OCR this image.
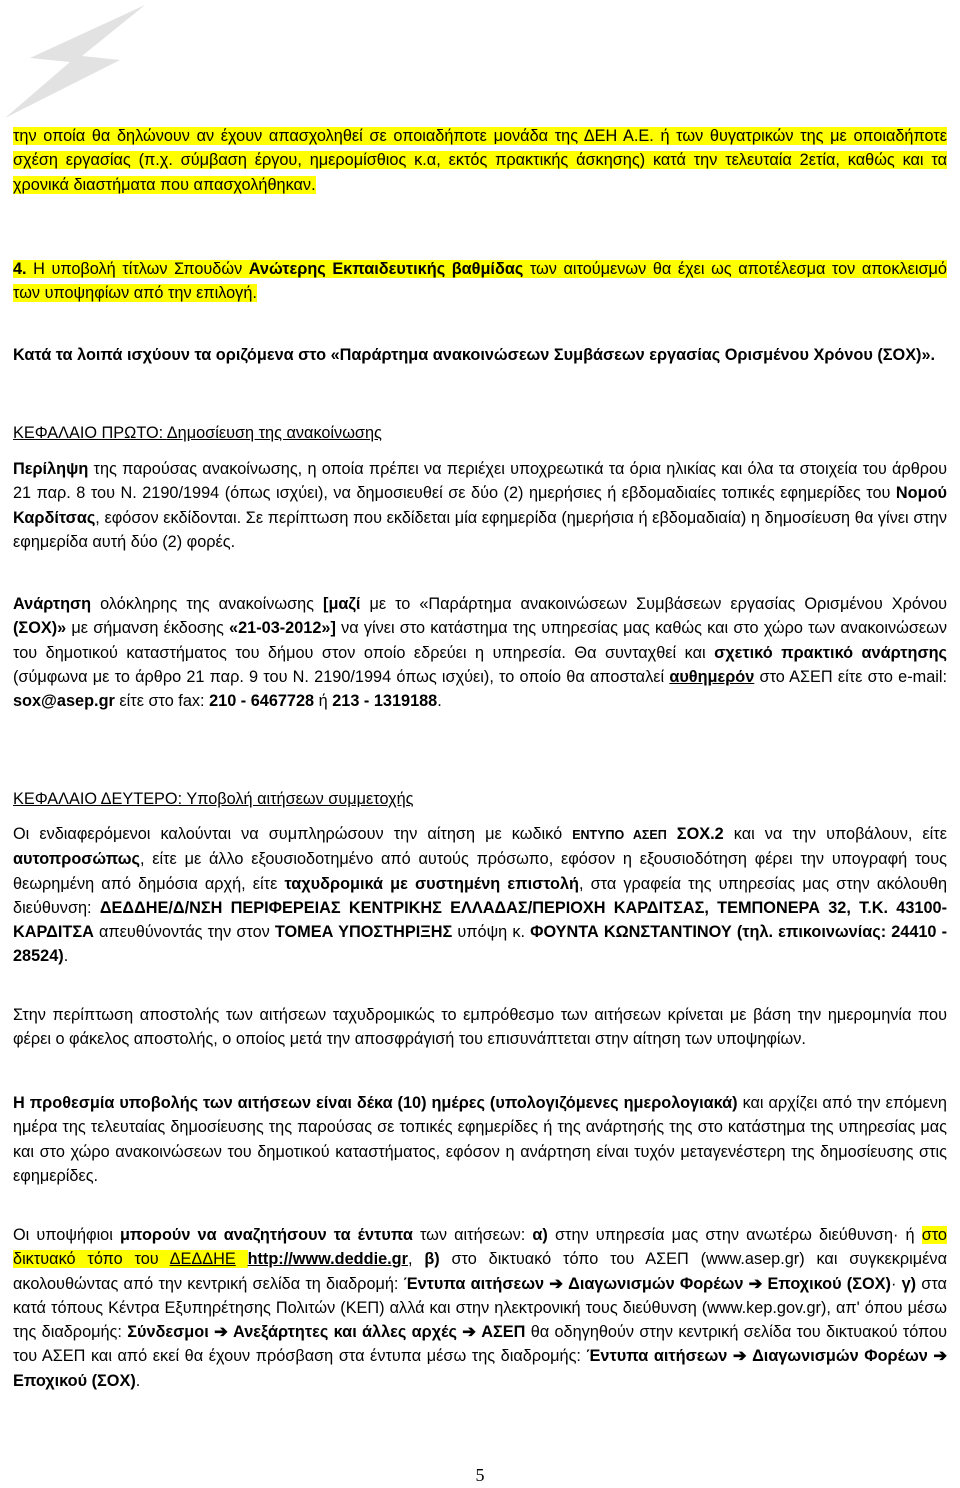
την οποία θα δηλώνουν αν έχουν απασχοληθεί σε οποιαδήποτε μονάδα της ΔΕΗ Α.Ε. ή των θυγατρικών της με οποιαδήποτε σχέση εργασίας (π.χ. σύμβαση έργου, ημερομίσθιος κ.α, εκτός πρακτικής άσκησης) κατά την τελευταία 2ετία, καθώς και τα χρονικά διαστήματα που απασχολήθηκαν.

4. Η υποβολή τίτλων Σπουδών Ανώτερης Εκπαιδευτικής βαθμίδας των αιτούμενων θα έχει ως αποτέλεσμα τον αποκλεισμό των υποψηφίων από την επιλογή.

Κατά τα λοιπά ισχύουν τα οριζόμενα στο «Παράρτημα ανακοινώσεων Συμβάσεων εργασίας Ορισμένου Χρόνου (ΣΟΧ)».

ΚΕΦΑΛΑΙΟ ΠΡΩΤΟ: Δημοσίευση της ανακοίνωσης

Περίληψη της παρούσας ανακοίνωσης, η οποία πρέπει να περιέχει υποχρεωτικά τα όρια ηλικίας και όλα τα στοιχεία του άρθρου 21 παρ. 8 του Ν. 2190/1994 (όπως ισχύει), να δημοσιευθεί σε δύο (2) ημερήσιες ή εβδομαδιαίες τοπικές εφημερίδες του Νομού Καρδίτσας, εφόσον εκδίδονται. Σε περίπτωση που εκδίδεται μία εφημερίδα (ημερήσια ή εβδομαδιαία) η δημοσίευση θα γίνει στην εφημερίδα αυτή δύο (2) φορές.

Ανάρτηση ολόκληρης της ανακοίνωσης [μαζί με το «Παράρτημα ανακοινώσεων Συμβάσεων εργασίας Ορισμένου Χρόνου (ΣΟΧ)» με σήμανση έκδοσης «21-03-2012»] να γίνει στο κατάστημα της υπηρεσίας μας καθώς και στο χώρο των ανακοινώσεων του δημοτικού καταστήματος του δήμου στον οποίο εδρεύει η υπηρεσία. Θα συνταχθεί και σχετικό πρακτικό ανάρτησης (σύμφωνα με το άρθρο 21 παρ. 9 του Ν. 2190/1994 όπως ισχύει), το οποίο θα αποσταλεί αυθημερόν στο ΑΣΕΠ είτε στο e-mail: sox@asep.gr είτε στο fax: 210 - 6467728 ή 213 - 1319188.

ΚΕΦΑΛΑΙΟ ΔΕΥΤΕΡΟ: Υποβολή αιτήσεων συμμετοχής

Οι ενδιαφερόμενοι καλούνται να συμπληρώσουν την αίτηση με κωδικό ΕΝΤΥΠΟ ΑΣΕΠ ΣΟΧ.2 και να την υποβάλουν, είτε αυτοπροσώπως, είτε με άλλο εξουσιοδοτημένο από αυτούς πρόσωπο, εφόσον η εξουσιοδότηση φέρει την υπογραφή τους θεωρημένη από δημόσια αρχή, είτε ταχυδρομικά με συστημένη επιστολή, στα γραφεία της υπηρεσίας μας στην ακόλουθη διεύθυνση: ΔΕΔΔΗΕ/Δ/ΝΣΗ ΠΕΡΙΦΕΡΕΙΑΣ ΚΕΝΤΡΙΚΗΣ ΕΛΛΑΔΑΣ/ΠΕΡΙΟΧΗ ΚΑΡΔΙΤΣΑΣ, ΤΕΜΠΟΝΕΡΑ 32, Τ.Κ. 43100-ΚΑΡΔΙΤΣΑ απευθύνοντάς την στον ΤΟΜΕΑ ΥΠΟΣΤΗΡΙΞΗΣ υπόψη κ. ΦΟΥΝΤΑ ΚΩΝΣΤΑΝΤΙΝΟΥ (τηλ. επικοινωνίας: 24410 - 28524).

Στην περίπτωση αποστολής των αιτήσεων ταχυδρομικώς το εμπρόθεσμο των αιτήσεων κρίνεται με βάση την ημερομηνία που φέρει ο φάκελος αποστολής, ο οποίος μετά την αποσφράγισή του επισυνάπτεται στην αίτηση των υποψηφίων.

Η προθεσμία υποβολής των αιτήσεων είναι δέκα (10) ημέρες (υπολογιζόμενες ημερολογιακά) και αρχίζει από την επόμενη ημέρα της τελευταίας δημοσίευσης της παρούσας σε τοπικές εφημερίδες ή της ανάρτησής της στο κατάστημα της υπηρεσίας μας και στο χώρο ανακοινώσεων του δημοτικού καταστήματος, εφόσον η ανάρτηση είναι τυχόν μεταγενέστερη της δημοσίευσης στις εφημερίδες.

Οι υποψήφιοι μπορούν να αναζητήσουν τα έντυπα των αιτήσεων: α) στην υπηρεσία μας στην ανωτέρω διεύθυνση· ή στο δικτυακό τόπο του ΔΕΔΔΗΕ http://www.deddie.gr, β) στο δικτυακό τόπο του ΑΣΕΠ (www.asep.gr) και συγκεκριμένα ακολουθώντας από την κεντρική σελίδα τη διαδρομή: Έντυπα αιτήσεων ➔ Διαγωνισμών Φορέων ➔ Εποχικού (ΣΟΧ)· γ) στα κατά τόπους Κέντρα Εξυπηρέτησης Πολιτών (ΚΕΠ) αλλά και στην ηλεκτρονική τους διεύθυνση (www.kep.gov.gr), απ' όπου μέσω της διαδρομής: Σύνδεσμοι ➔ Ανεξάρτητες και άλλες αρχές ➔ ΑΣΕΠ θα οδηγηθούν στην κεντρική σελίδα του δικτυακού τόπου του ΑΣΕΠ και από εκεί θα έχουν πρόσβαση στα έντυπα μέσω της διαδρομής: Έντυπα αιτήσεων ➔ Διαγωνισμών Φορέων ➔ Εποχικού (ΣΟΧ).

5
